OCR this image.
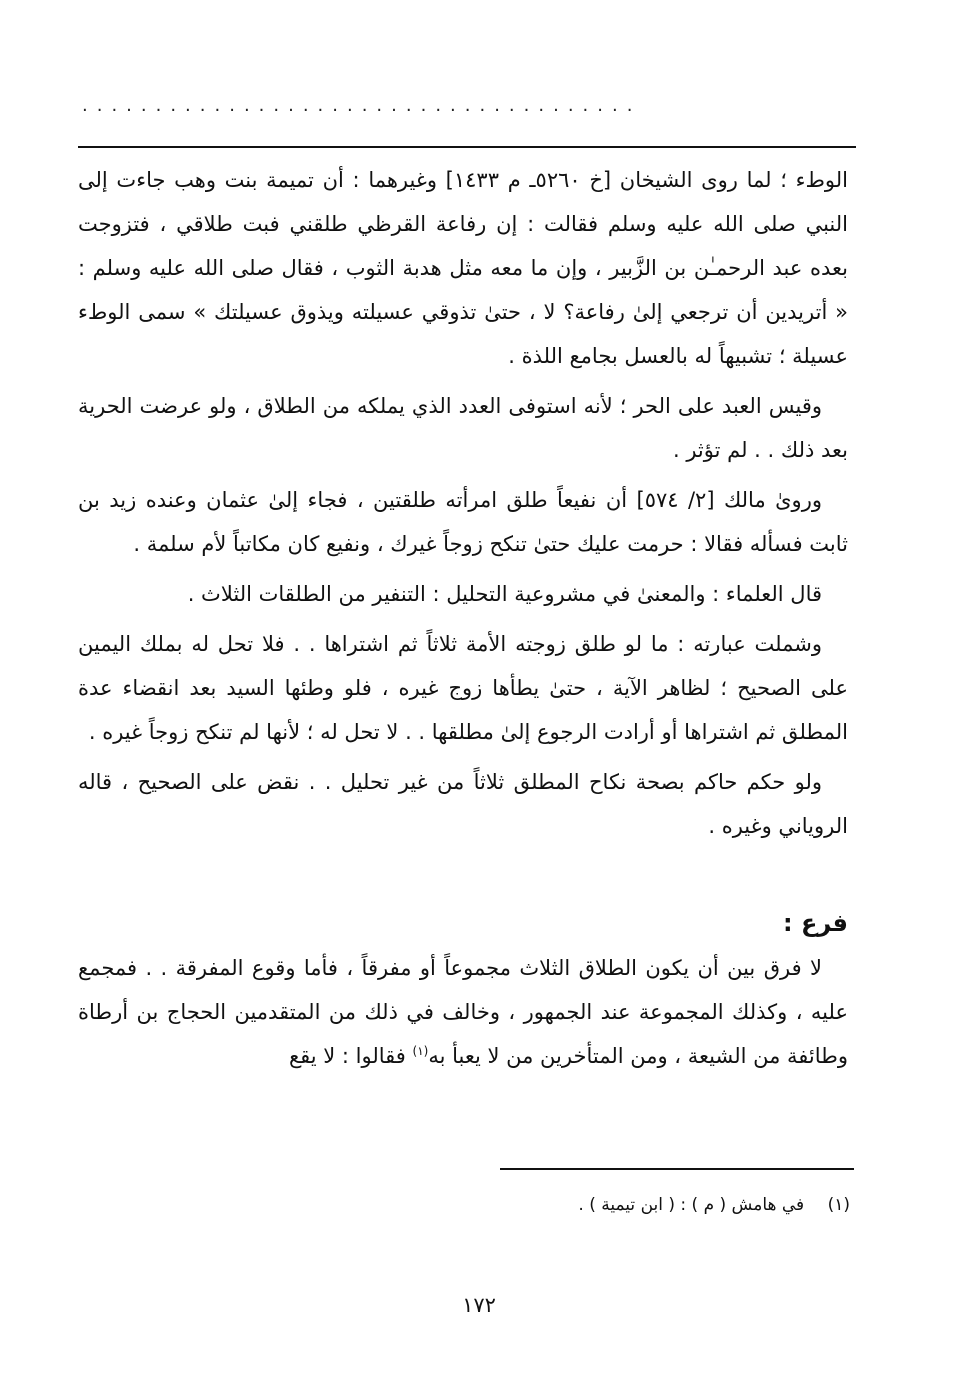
......................................

الوطء ؛ لما روى الشيخان [خ ٥٢٦٠ـ م ١٤٣٣] وغيرهما : أن تميمة بنت وهب جاءت إلى النبي صلى الله عليه وسلم فقالت : إن رفاعة القرظي طلقني فبت طلاقي ، فتزوجت بعده عبد الرحمـٰن بن الزَّبير ، وإن ما معه مثل هدبة الثوب ، فقال صلى الله عليه وسلم : « أتريدين أن ترجعي إلىٰ رفاعة؟ لا ، حتىٰ تذوقي عسيلته ويذوق عسيلتك » سمى الوطء عسيلة ؛ تشبيهاً له بالعسل بجامع اللذة .

وقيس العبد على الحر ؛ لأنه استوفى العدد الذي يملكه من الطلاق ، ولو عرضت الحرية بعد ذلك . . لم تؤثر .

وروىٰ مالك [٢/ ٥٧٤] أن نفيعاً طلق امرأته طلقتين ، فجاء إلىٰ عثمان وعنده زيد بن ثابت فسأله فقالا : حرمت عليك حتىٰ تنكح زوجاً غيرك ، ونفيع كان مكاتباً لأم سلمة .

قال العلماء : والمعنىٰ في مشروعية التحليل : التنفير من الطلقات الثلاث .

وشملت عبارته : ما لو طلق زوجته الأمة ثلاثاً ثم اشتراها . . فلا تحل له بملك اليمين على الصحيح ؛ لظاهر الآية ، حتىٰ يطأها زوج غيره ، فلو وطئها السيد بعد انقضاء عدة المطلق ثم اشتراها أو أرادت الرجوع إلىٰ مطلقها . . لا تحل له ؛ لأنها لم تنكح زوجاً غيره .

ولو حكم حاكم بصحة نكاح المطلق ثلاثاً من غير تحليل . . نقض على الصحيح ، قاله الروياني وغيره .

فرع :

لا فرق بين أن يكون الطلاق الثلاث مجموعاً أو مفرقاً ، فأما وقوع المفرقة . . فمجمع عليه ، وكذلك المجموعة عند الجمهور ، وخالف في ذلك من المتقدمين الحجاج بن أرطاة وطائفة من الشيعة ، ومن المتأخرين من لا يعبأ به$^{(١)}$ فقالوا : لا يقع

(١) في هامش ( م ) : ( ابن تيمية ) .
١٧٢
